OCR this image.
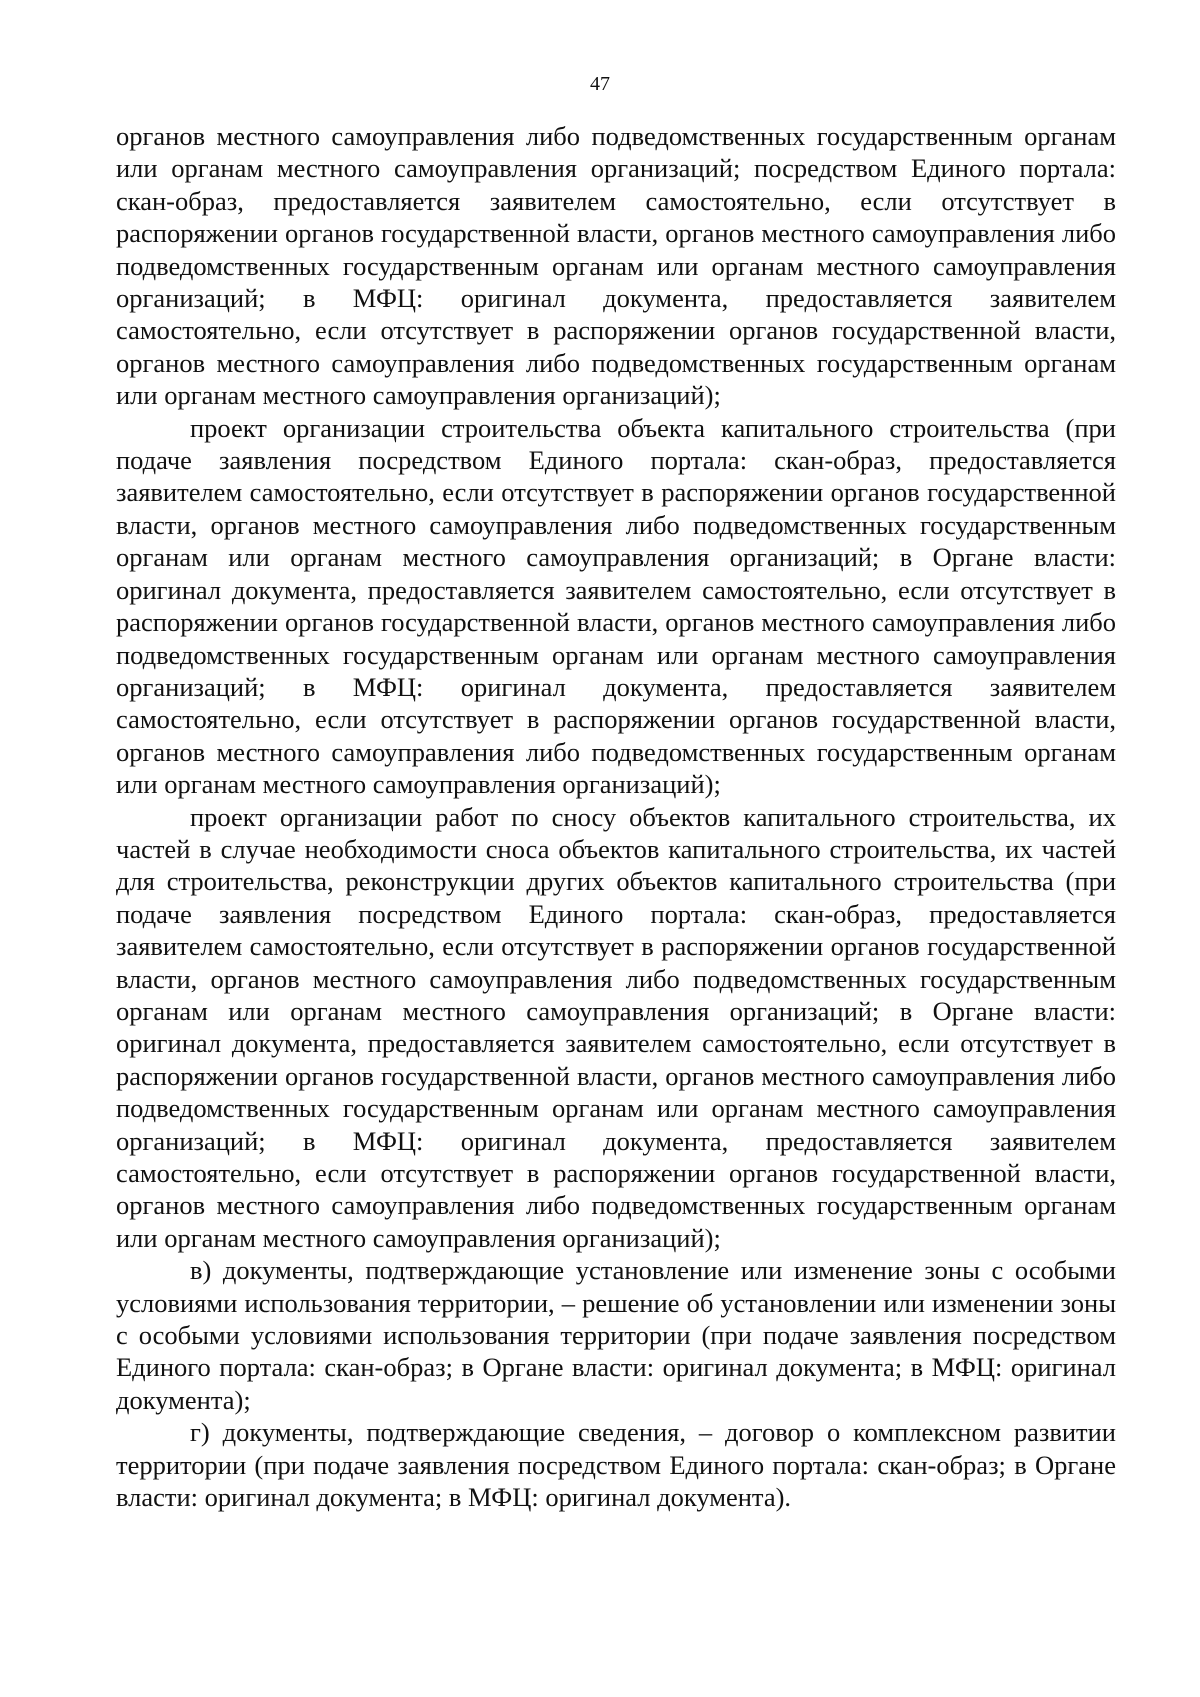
47

органов местного самоуправления либо подведомственных государственным органам или органам местного самоуправления организаций; посредством Единого портала: скан-образ, предоставляется заявителем самостоятельно, если отсутствует в распоряжении органов государственной власти, органов местного самоуправления либо подведомственных государственным органам или органам местного самоуправления организаций; в МФЦ: оригинал документа, предоставляется заявителем самостоятельно, если отсутствует в распоряжении органов государственной власти, органов местного самоуправления либо подведомственных государственным органам или органам местного самоуправления организаций);

проект организации строительства объекта капитального строительства (при подаче заявления посредством Единого портала: скан-образ, предоставляется заявителем самостоятельно, если отсутствует в распоряжении органов государственной власти, органов местного самоуправления либо подведомственных государственным органам или органам местного самоуправления организаций; в Органе власти: оригинал документа, предоставляется заявителем самостоятельно, если отсутствует в распоряжении органов государственной власти, органов местного самоуправления либо подведомственных государственным органам или органам местного самоуправления организаций; в МФЦ: оригинал документа, предоставляется заявителем самостоятельно, если отсутствует в распоряжении органов государственной власти, органов местного самоуправления либо подведомственных государственным органам или органам местного самоуправления организаций);

проект организации работ по сносу объектов капитального строительства, их частей в случае необходимости сноса объектов капитального строительства, их частей для строительства, реконструкции других объектов капитального строительства (при подаче заявления посредством Единого портала: скан-образ, предоставляется заявителем самостоятельно, если отсутствует в распоряжении органов государственной власти, органов местного самоуправления либо подведомственных государственным органам или органам местного самоуправления организаций; в Органе власти: оригинал документа, предоставляется заявителем самостоятельно, если отсутствует в распоряжении органов государственной власти, органов местного самоуправления либо подведомственных государственным органам или органам местного самоуправления организаций; в МФЦ: оригинал документа, предоставляется заявителем самостоятельно, если отсутствует в распоряжении органов государственной власти, органов местного самоуправления либо подведомственных государственным органам или органам местного самоуправления организаций);

в) документы, подтверждающие установление или изменение зоны с особыми условиями использования территории, – решение об установлении или изменении зоны с особыми условиями использования территории (при подаче заявления посредством Единого портала: скан-образ; в Органе власти: оригинал документа; в МФЦ: оригинал документа);

г) документы, подтверждающие сведения, – договор о комплексном развитии территории (при подаче заявления посредством Единого портала: скан-образ; в Органе власти: оригинал документа; в МФЦ: оригинал документа).
